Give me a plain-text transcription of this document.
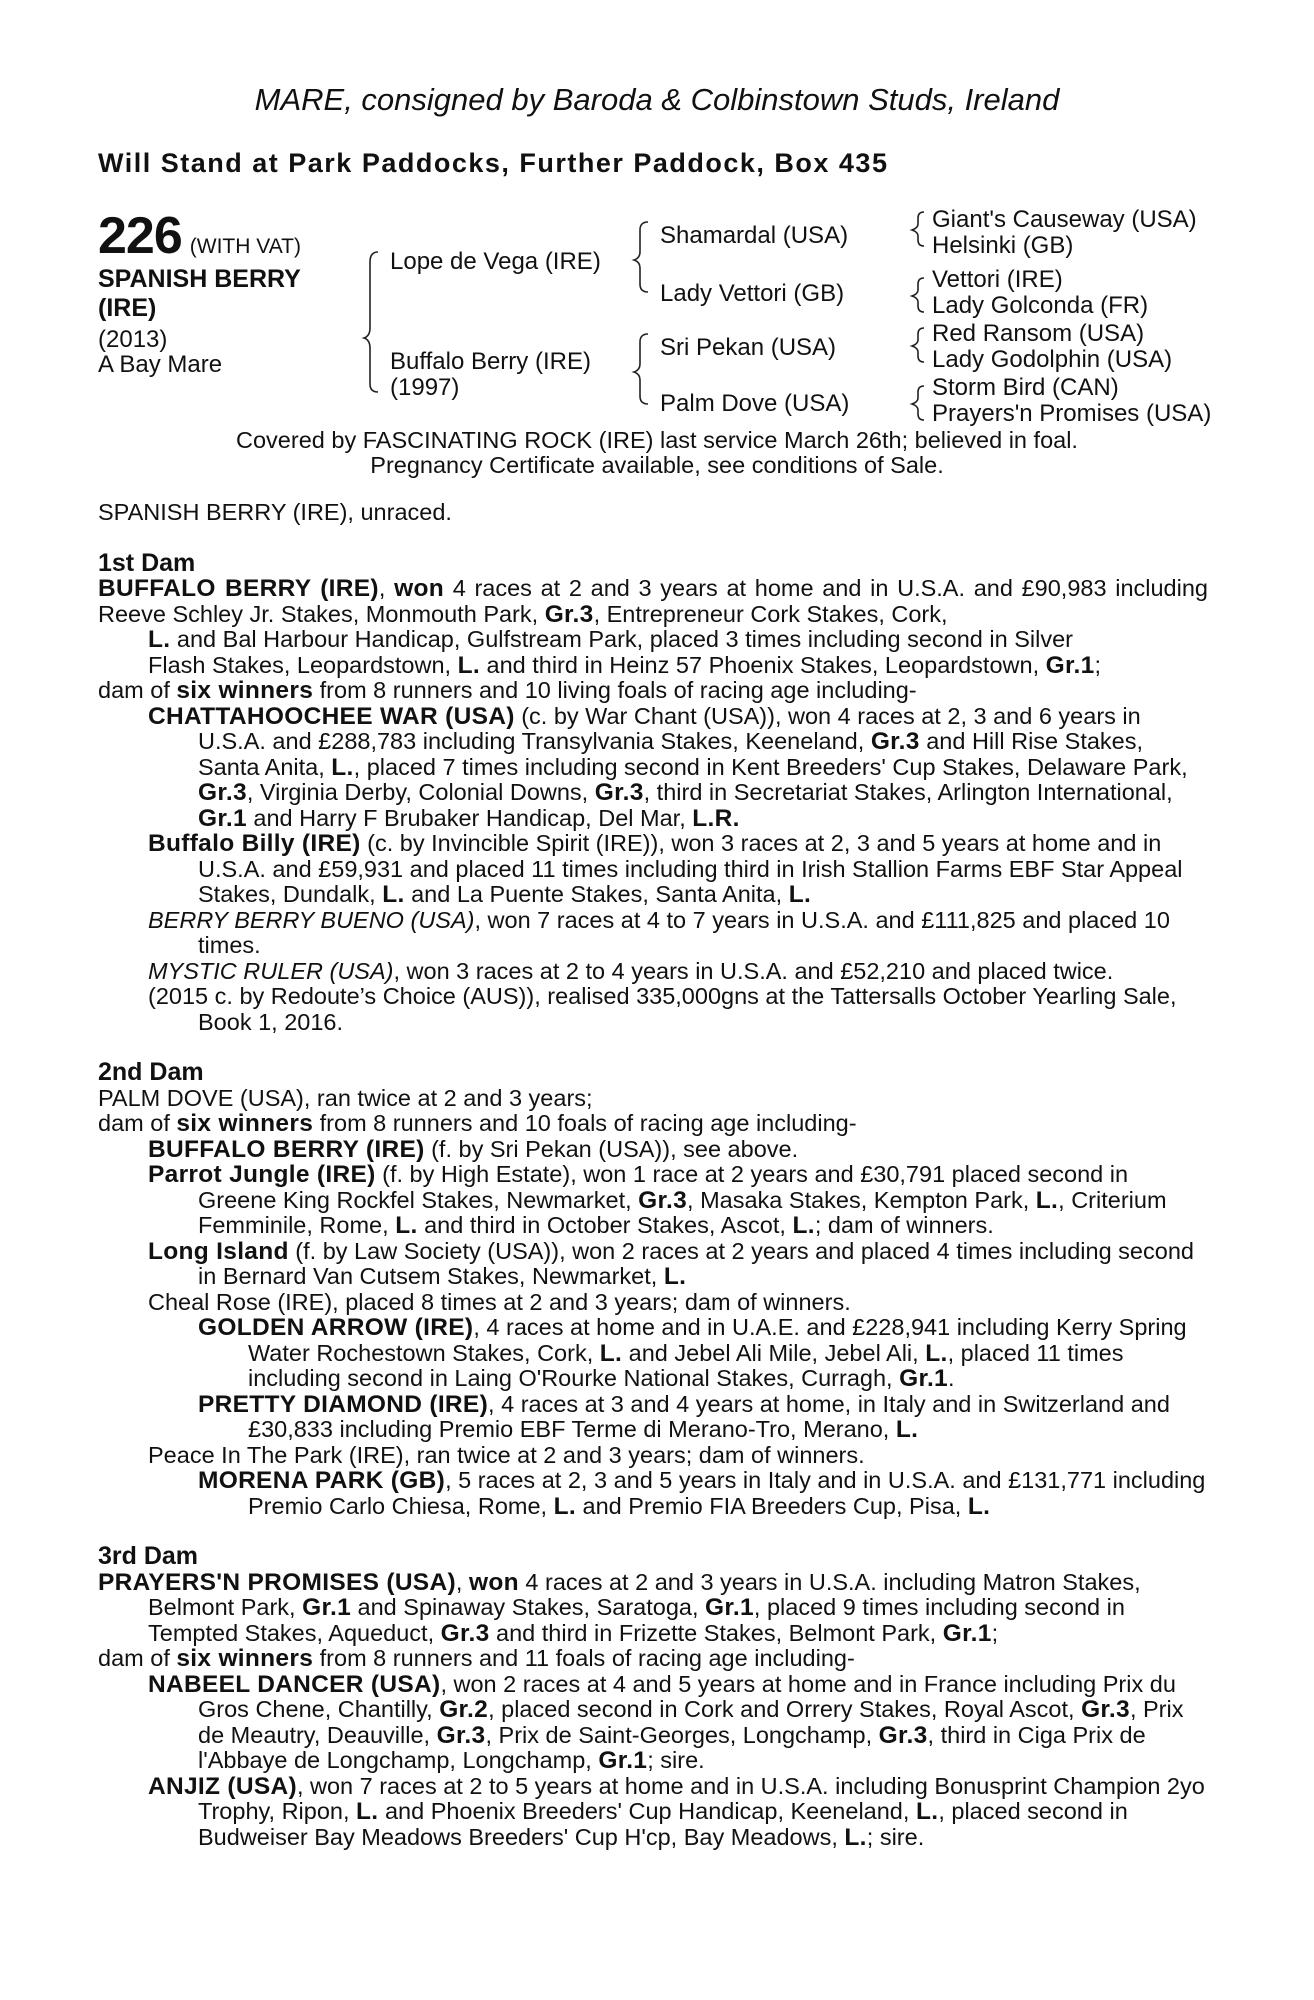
MARE, consigned by Baroda & Colbinstown Studs, Ireland
Will Stand at Park Paddocks, Further Paddock, Box 435
226 (WITH VAT)
SPANISH BERRY
(IRE)
(2013)
A Bay Mare
Lope de Vega (IRE)
Buffalo Berry (IRE)
(1997)
Shamardal (USA)
Lady Vettori (GB)
Sri Pekan (USA)
Palm Dove (USA)
Giant's Causeway (USA)
Helsinki (GB)
Vettori (IRE)
Lady Golconda (FR)
Red Ransom (USA)
Lady Godolphin (USA)
Storm Bird (CAN)
Prayers'n Promises (USA)
Covered by FASCINATING ROCK (IRE) last service March 26th; believed in foal.
Pregnancy Certificate available, see conditions of Sale.

SPANISH BERRY (IRE), unraced.

1st Dam

BUFFALO BERRY (IRE), won 4 races at 2 and 3 years at home and in U.S.A. and £90,983 including Reeve Schley Jr. Stakes, Monmouth Park, Gr.3, Entrepreneur Cork Stakes, Cork,
L. and Bal Harbour Handicap, Gulfstream Park, placed 3 times including second in Silver
Flash Stakes, Leopardstown, L. and third in Heinz 57 Phoenix Stakes, Leopardstown, Gr.1;

dam of six winners from 8 runners and 10 living foals of racing age including-

CHATTAHOOCHEE WAR (USA) (c. by War Chant (USA)), won 4 races at 2, 3 and 6 years in U.S.A. and £288,783 including Transylvania Stakes, Keeneland, Gr.3 and Hill Rise Stakes, Santa Anita, L., placed 7 times including second in Kent Breeders' Cup Stakes, Delaware Park, Gr.3, Virginia Derby, Colonial Downs, Gr.3, third in Secretariat Stakes, Arlington International, Gr.1 and Harry F Brubaker Handicap, Del Mar, L.R.

Buffalo Billy (IRE) (c. by Invincible Spirit (IRE)), won 3 races at 2, 3 and 5 years at home and in U.S.A. and £59,931 and placed 11 times including third in Irish Stallion Farms EBF Star Appeal Stakes, Dundalk, L. and La Puente Stakes, Santa Anita, L.

BERRY BERRY BUENO (USA), won 7 races at 4 to 7 years in U.S.A. and £111,825 and placed 10 times.

MYSTIC RULER (USA), won 3 races at 2 to 4 years in U.S.A. and £52,210 and placed twice.

(2015 c. by Redoute’s Choice (AUS)), realised 335,000gns at the Tattersalls October Yearling Sale, Book 1, 2016.

2nd Dam

PALM DOVE (USA), ran twice at 2 and 3 years;

dam of six winners from 8 runners and 10 foals of racing age including-

BUFFALO BERRY (IRE) (f. by Sri Pekan (USA)), see above.

Parrot Jungle (IRE) (f. by High Estate), won 1 race at 2 years and £30,791 placed second in Greene King Rockfel Stakes, Newmarket, Gr.3, Masaka Stakes, Kempton Park, L., Criterium Femminile, Rome, L. and third in October Stakes, Ascot, L.; dam of winners.

Long Island (f. by Law Society (USA)), won 2 races at 2 years and placed 4 times including second in Bernard Van Cutsem Stakes, Newmarket, L.

Cheal Rose (IRE), placed 8 times at 2 and 3 years; dam of winners.

GOLDEN ARROW (IRE), 4 races at home and in U.A.E. and £228,941 including Kerry Spring Water Rochestown Stakes, Cork, L. and Jebel Ali Mile, Jebel Ali, L., placed 11 times including second in Laing O'Rourke National Stakes, Curragh, Gr.1.

PRETTY DIAMOND (IRE), 4 races at 3 and 4 years at home, in Italy and in Switzerland and £30,833 including Premio EBF Terme di Merano-Tro, Merano, L.

Peace In The Park (IRE), ran twice at 2 and 3 years; dam of winners.

MORENA PARK (GB), 5 races at 2, 3 and 5 years in Italy and in U.S.A. and £131,771 including Premio Carlo Chiesa, Rome, L. and Premio FIA Breeders Cup, Pisa, L.

3rd Dam

PRAYERS'N PROMISES (USA), won 4 races at 2 and 3 years in U.S.A. including Matron Stakes, Belmont Park, Gr.1 and Spinaway Stakes, Saratoga, Gr.1, placed 9 times including second in Tempted Stakes, Aqueduct, Gr.3 and third in Frizette Stakes, Belmont Park, Gr.1;

dam of six winners from 8 runners and 11 foals of racing age including-

NABEEL DANCER (USA), won 2 races at 4 and 5 years at home and in France including Prix du Gros Chene, Chantilly, Gr.2, placed second in Cork and Orrery Stakes, Royal Ascot, Gr.3, Prix de Meautry, Deauville, Gr.3, Prix de Saint-Georges, Longchamp, Gr.3, third in Ciga Prix de l'Abbaye de Longchamp, Longchamp, Gr.1; sire.

ANJIZ (USA), won 7 races at 2 to 5 years at home and in U.S.A. including Bonusprint Champion 2yo Trophy, Ripon, L. and Phoenix Breeders' Cup Handicap, Keeneland, L., placed second in Budweiser Bay Meadows Breeders' Cup H'cp, Bay Meadows, L.; sire.
